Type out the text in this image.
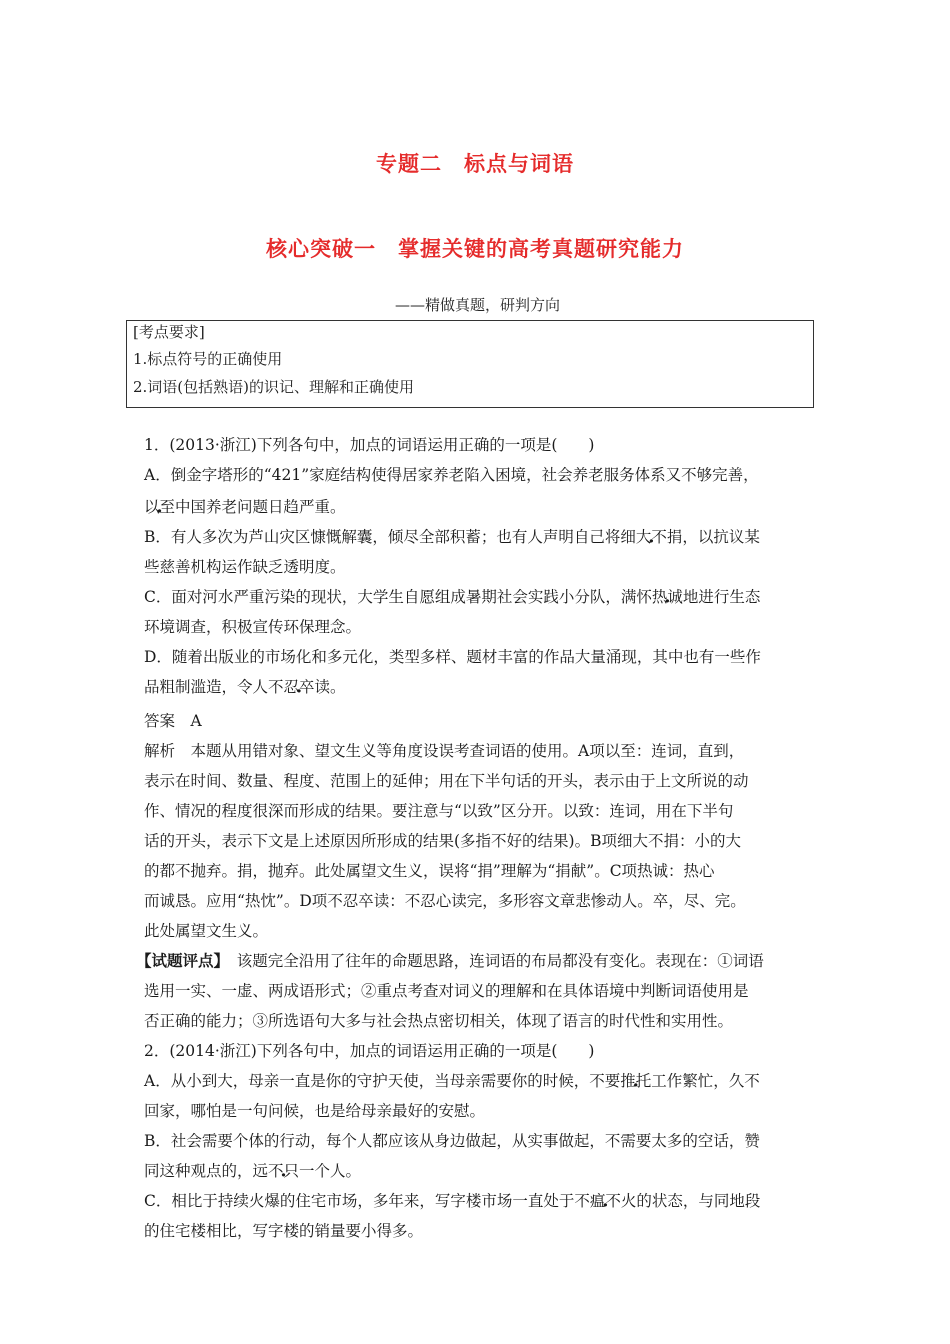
专题二　标点与词语
核心突破一　掌握关键的高考真题研究能力
——精做真题，研判方向
[考点要求]
1.标点符号的正确使用
2.词语(包括熟语)的识记、理解和正确使用

1．(2013·浙江)下列各句中，加点的词语运用正确的一项是(　　)

A．倒金字塔形的“421”家庭结构使得居家养老陷入困境，社会养老服务体系又不够完善，

以至 ·中国养老问题日趋严重。

B．有人多次为芦山灾区慷慨解囊，倾尽全部积蓄；也有人声明自己将细大不捐 ·，以抗议某

些慈善机构运作缺乏透明度。

C．面对河水严重污染的现状，大学生自愿组成暑期社会实践小分队，满怀热诚 ·地进行生态

环境调查，积极宣传环保理念。

D．随着出版业的市场化和多元化，类型多样、题材丰富的作品大量涌现，其中也有一些作

品粗制滥造，令人不忍卒读 ·。

答案　A

解析　本题从用错对象、望文生义等角度设误考查词语的使用。A项以至：连词，直到，

表示在时间、数量、程度、范围上的延伸；用在下半句话的开头，表示由于上文所说的动

作、情况的程度很深而形成的结果。要注意与“以致”区分开。以致：连词，用在下半句

话的开头，表示下文是上述原因所形成的结果(多指不好的结果)。B项细大不捐：小的大

的都不抛弃。捐，抛弃。此处属望文生义，误将“捐”理解为“捐献”。C项热诚：热心

而诚恳。应用“热忱”。D项不忍卒读：不忍心读完，多形容文章悲惨动人。卒，尽、完。

此处属望文生义。

【试题评点】　该题完全沿用了往年的命题思路，连词语的布局都没有变化。表现在：①词语

选用一实、一虚、两成语形式；②重点考查对词义的理解和在具体语境中判断词语使用是

否正确的能力；③所选语句大多与社会热点密切相关，体现了语言的时代性和实用性。

2．(2014·浙江)下列各句中，加点的词语运用正确的一项是(　　)

A．从小到大，母亲一直是你的守护天使，当母亲需要你的时候，不要推托 ·工作繁忙，久不

回家，哪怕是一句问候，也是给母亲最好的安慰。

B．社会需要个体的行动，每个人都应该从身边做起，从实事做起，不需要太多的空话，赞

同这种观点的，远不只 ·一个人。

C．相比于持续火爆的住宅市场，多年来，写字楼市场一直处于不瘟不火 ·的状态，与同地段

的住宅楼相比，写字楼的销量要小得多。
